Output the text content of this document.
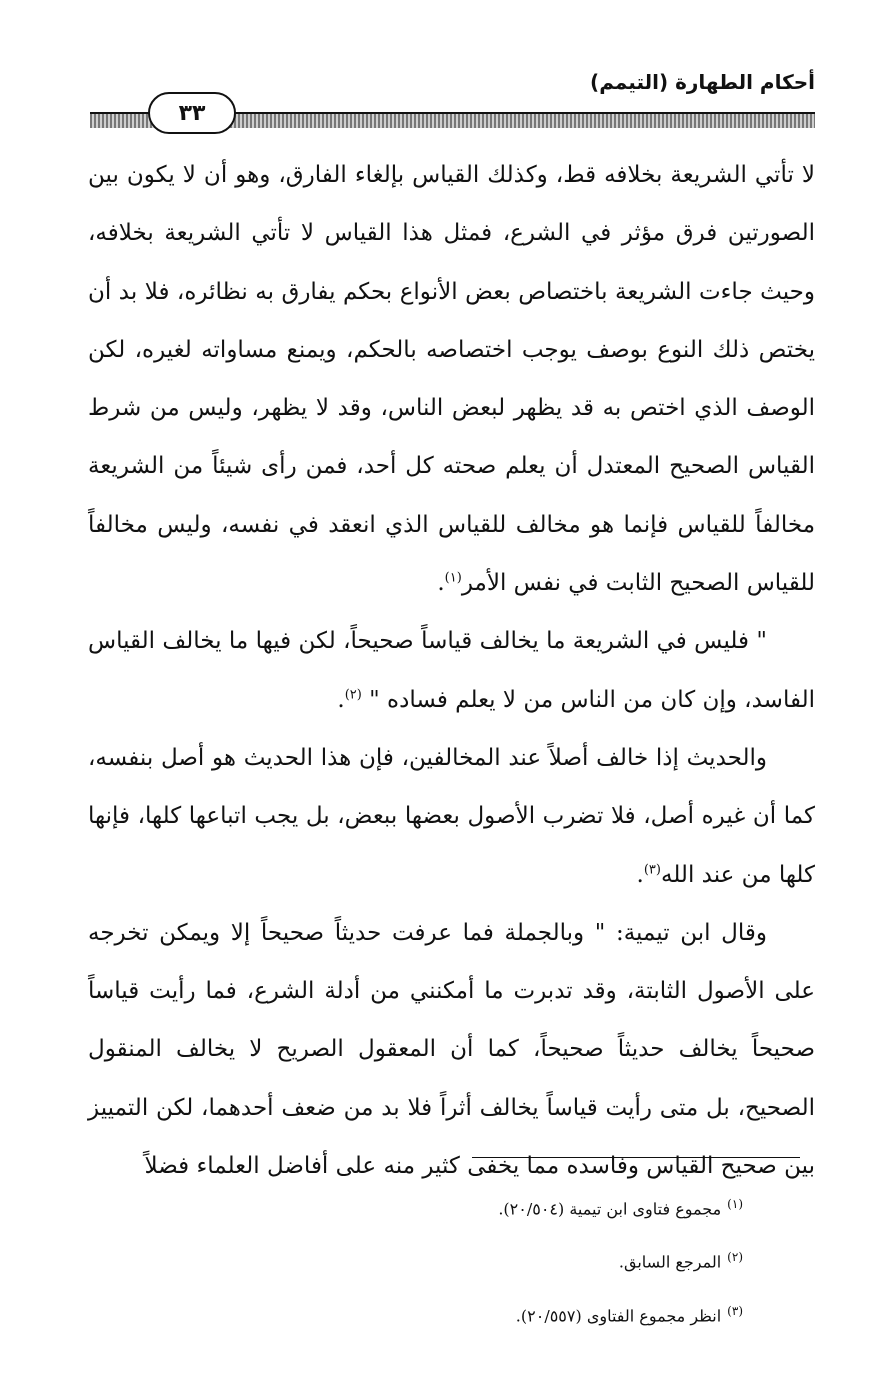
أحكام الطهارة (التيمم)
٣٣

لا تأتي الشريعة بخلافه قط، وكذلك القياس بإلغاء الفارق، وهو أن لا يكون بين الصورتين فرق مؤثر في الشرع، فمثل هذا القياس لا تأتي الشريعة بخلافه، وحيث جاءت الشريعة باختصاص بعض الأنواع بحكم يفارق به نظائره، فلا بد أن يختص ذلك النوع بوصف يوجب اختصاصه بالحكم، ويمنع مساواته لغيره، لكن الوصف الذي اختص به قد يظهر لبعض الناس، وقد لا يظهر، وليس من شرط القياس الصحيح المعتدل أن يعلم صحته كل أحد، فمن رأى شيئاً من الشريعة مخالفاً للقياس فإنما هو مخالف للقياس الذي انعقد في نفسه، وليس مخالفاً للقياس الصحيح الثابت في نفس الأمر$^{(١)}$.

" فليس في الشريعة ما يخالف قياساً صحيحاً، لكن فيها ما يخالف القياس الفاسد، وإن كان من الناس من لا يعلم فساده " $^{(٢)}$.

والحديث إذا خالف أصلاً عند المخالفين، فإن هذا الحديث هو أصل بنفسه، كما أن غيره أصل، فلا تضرب الأصول بعضها ببعض، بل يجب اتباعها كلها، فإنها كلها من عند الله$^{(٣)}$.

وقال ابن تيمية: " وبالجملة فما عرفت حديثاً صحيحاً إلا ويمكن تخرجه على الأصول الثابتة، وقد تدبرت ما أمكنني من أدلة الشرع، فما رأيت قياساً صحيحاً يخالف حديثاً صحيحاً، كما أن المعقول الصريح لا يخالف المنقول الصحيح، بل متى رأيت قياساً يخالف أثراً فلا بد من ضعف أحدهما، لكن التمييز بين صحيح القياس وفاسده مما يخفى كثير منه على أفاضل العلماء فضلاً

$^{(١)}$مجموع فتاوى ابن تيمية (٢٠/٥٠٤).
$^{(٢)}$المرجع السابق.
$^{(٣)}$انظر مجموع الفتاوى (٢٠/٥٥٧).
